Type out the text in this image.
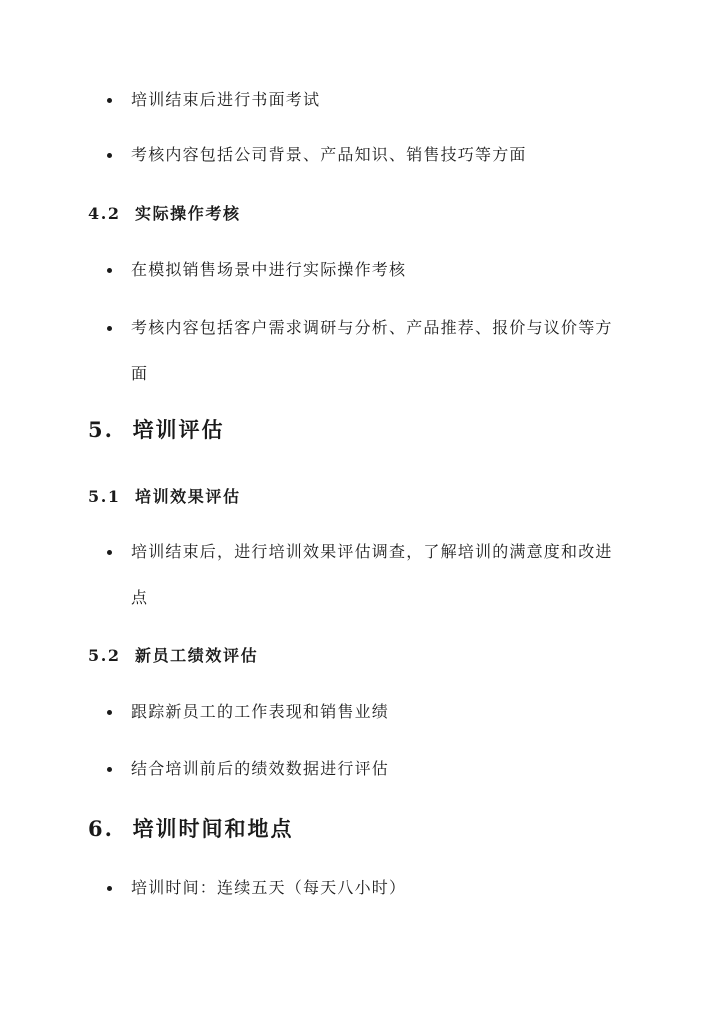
培训结束后进行书面考试
考核内容包括公司背景、产品知识、销售技巧等方面
4.2 实际操作考核
在模拟销售场景中进行实际操作考核
考核内容包括客户需求调研与分析、产品推荐、报价与议价等方面
5. 培训评估
5.1 培训效果评估
培训结束后，进行培训效果评估调查，了解培训的满意度和改进点
5.2 新员工绩效评估
跟踪新员工的工作表现和销售业绩
结合培训前后的绩效数据进行评估
6. 培训时间和地点
培训时间：连续五天（每天八小时）
